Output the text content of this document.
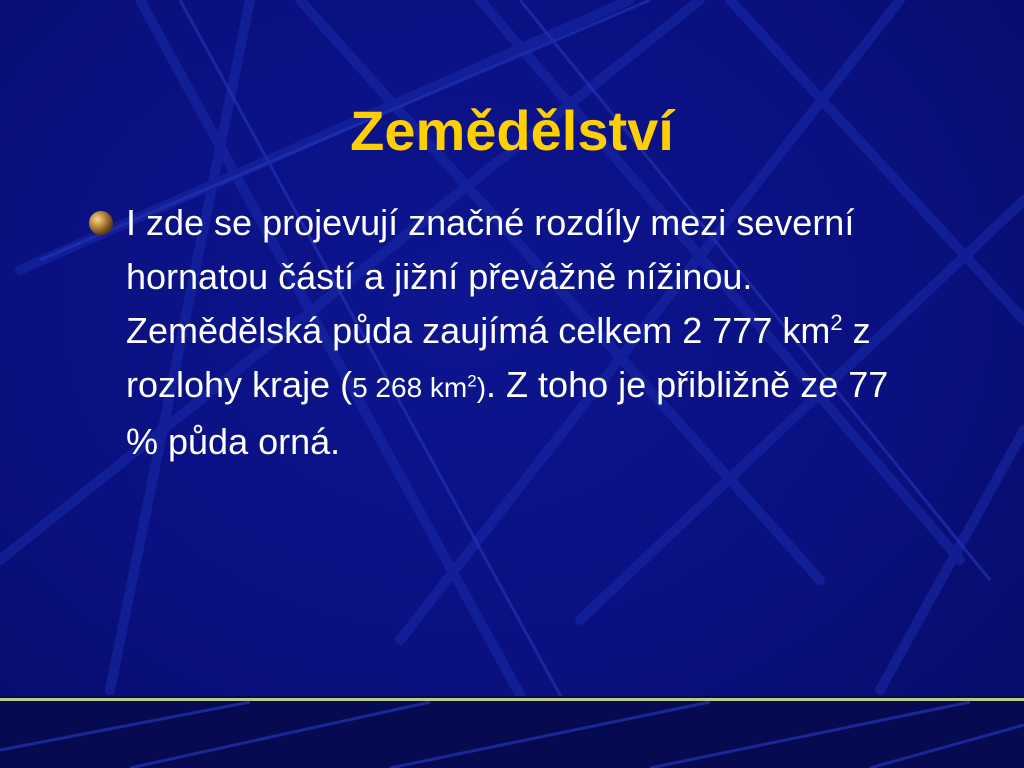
Zemědělství
I zde se projevují značné rozdíly mezi severní hornatou částí a jižní převážně nížinou. Zemědělská půda zaujímá celkem 2 777 $km^2$ z rozlohy kraje (5 268 $km^2$). Z toho je přibližně ze 77 % půda orná.
